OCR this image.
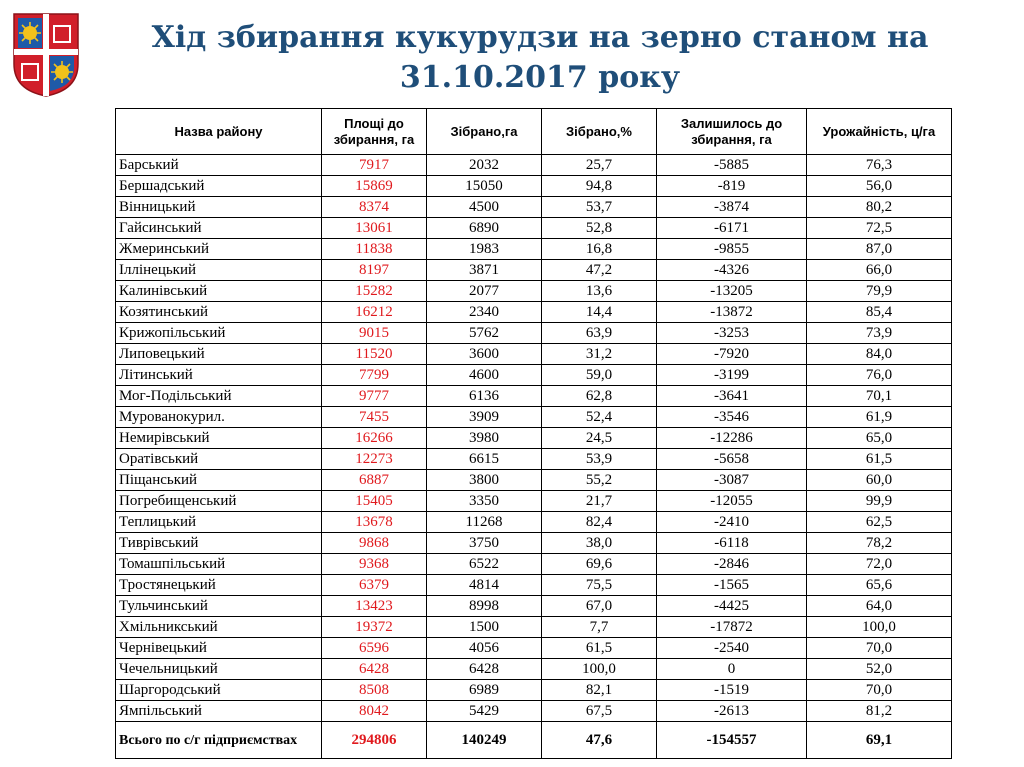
Хід збирання кукурудзи на зерно станом на
31.10.2017 року
Назва району	Площі до збирання, га	Зібрано,га	Зібрано,%	Залишилось до збирання, га	Урожайність, ц/га
Барський	7917	2032	25,7	-5885	76,3
Бершадський	15869	15050	94,8	-819	56,0
Вінницький	8374	4500	53,7	-3874	80,2
Гайсинський	13061	6890	52,8	-6171	72,5
Жмеринський	11838	1983	16,8	-9855	87,0
Іллінецький	8197	3871	47,2	-4326	66,0
Калинівський	15282	2077	13,6	-13205	79,9
Козятинський	16212	2340	14,4	-13872	85,4
Крижопільський	9015	5762	63,9	-3253	73,9
Липовецький	11520	3600	31,2	-7920	84,0
Літинський	7799	4600	59,0	-3199	76,0
Мог-Подільський	9777	6136	62,8	-3641	70,1
Мурованокурил.	7455	3909	52,4	-3546	61,9
Немирівський	16266	3980	24,5	-12286	65,0
Оратівський	12273	6615	53,9	-5658	61,5
Піщанський	6887	3800	55,2	-3087	60,0
Погребищенський	15405	3350	21,7	-12055	99,9
Теплицький	13678	11268	82,4	-2410	62,5
Тиврівський	9868	3750	38,0	-6118	78,2
Томашпільський	9368	6522	69,6	-2846	72,0
Тростянецький	6379	4814	75,5	-1565	65,6
Тульчинський	13423	8998	67,0	-4425	64,0
Хмільникський	19372	1500	7,7	-17872	100,0
Чернівецький	6596	4056	61,5	-2540	70,0
Чечельницький	6428	6428	100,0	0	52,0
Шаргородський	8508	6989	82,1	-1519	70,0
Ямпільський	8042	5429	67,5	-2613	81,2
Всього по с/г підприємствах	294806	140249	47,6	-154557	69,1
